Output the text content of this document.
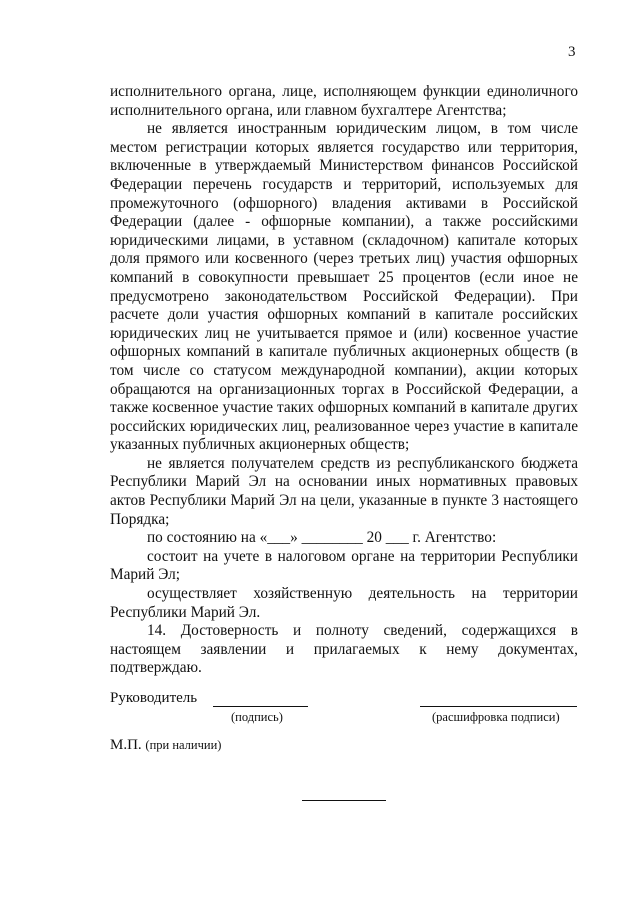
3

исполнительного органа, лице, исполняющем функции единоличного исполнительного органа, или главном бухгалтере Агентства;

не является иностранным юридическим лицом, в том числе местом регистрации которых является государство или территория, включенные в утверждаемый Министерством финансов Российской Федерации перечень государств и территорий, используемых для промежуточного (офшорного) владения активами в Российской Федерации (далее - офшорные компании), а также российскими юридическими лицами, в уставном (складочном) капитале которых доля прямого или косвенного (через третьих лиц) участия офшорных компаний в совокупности превышает 25 процентов (если иное не предусмотрено законодательством Российской Федерации). При расчете доли участия офшорных компаний в капитале российских юридических лиц не учитывается прямое и (или) косвенное участие офшорных компаний в капитале публичных акционерных обществ (в том числе со статусом международной компании), акции которых обращаются на организационных торгах в Российской Федерации, а также косвенное участие таких офшорных компаний в капитале других российских юридических лиц, реализованное через участие в капитале указанных публичных акционерных обществ;

не является получателем средств из республиканского бюджета Республики Марий Эл на основании иных нормативных правовых актов Республики Марий Эл на цели, указанные в пункте 3 настоящего Порядка;

по состоянию на «___» ________ 20 ___ г. Агентство:

состоит на учете в налоговом органе на территории Республики Марий Эл;

осуществляет хозяйственную деятельность на территории Республики Марий Эл.

14. Достоверность и полноту сведений, содержащихся в настоящем заявлении и прилагаемых к нему документах, подтверждаю.

Руководитель
(подпись)	(расшифровка подписи)
М.П. (при наличии)
